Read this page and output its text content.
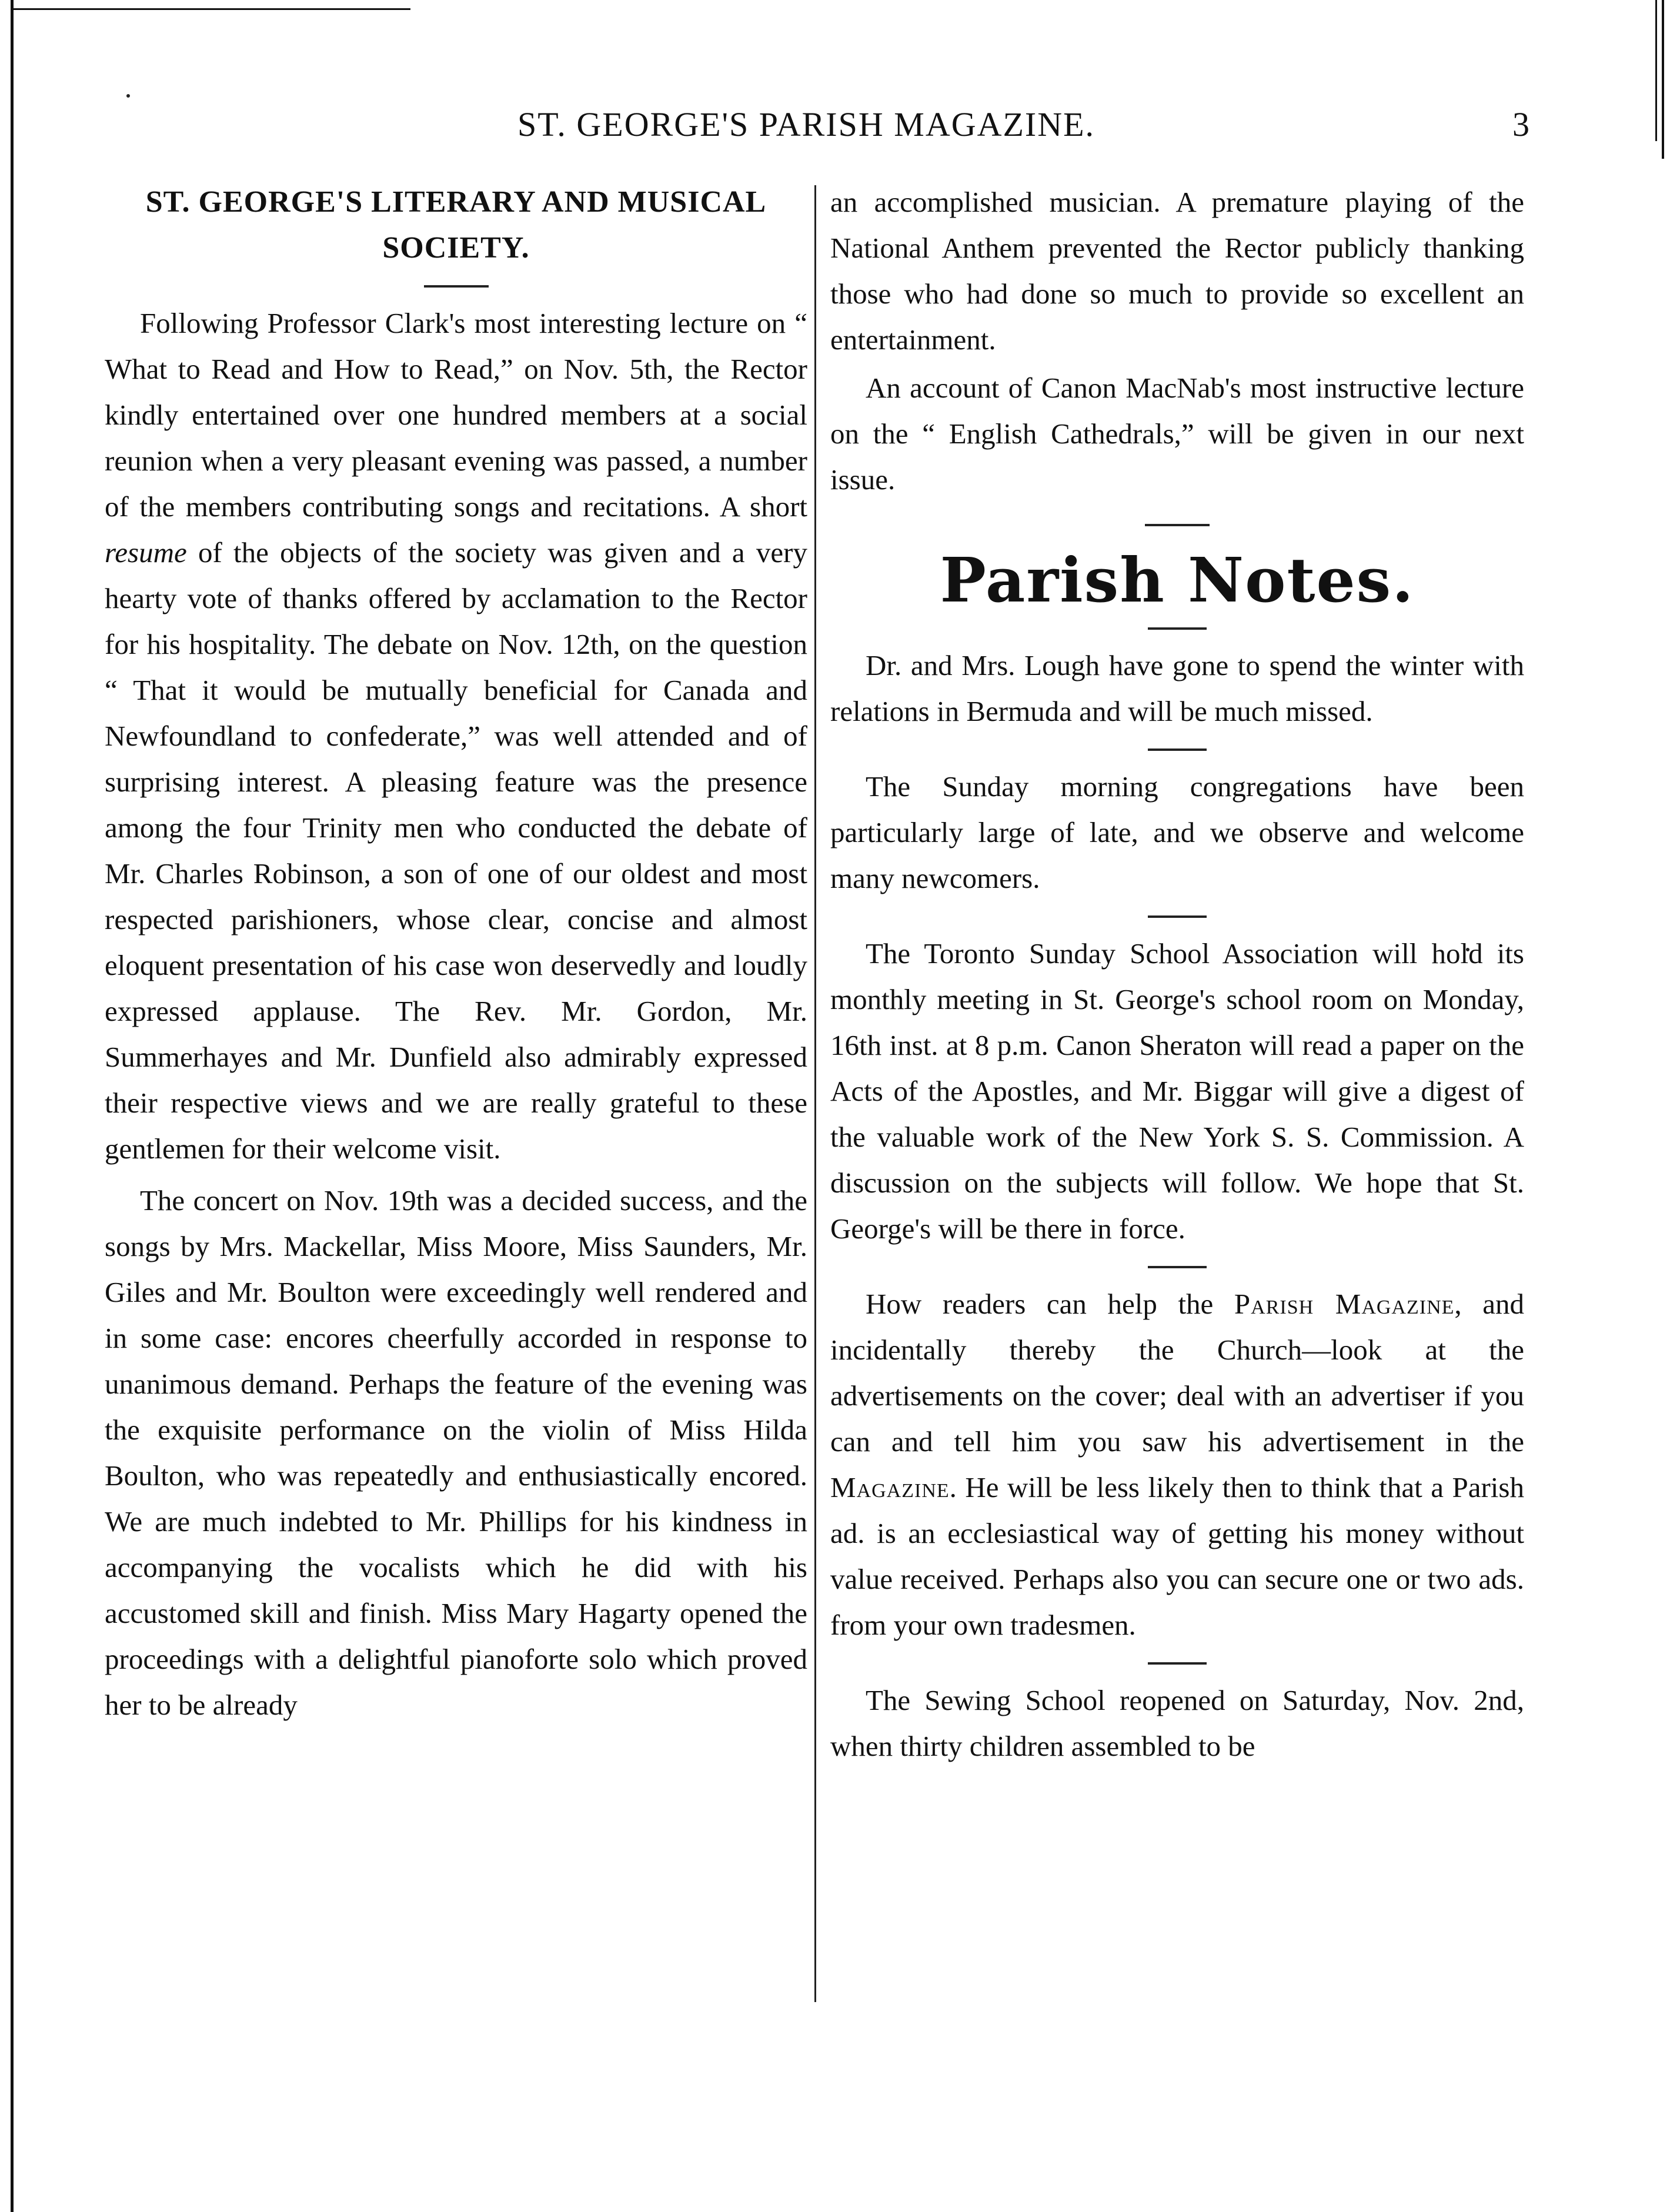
ST. GEORGE'S PARISH MAGAZINE.	3
ST. GEORGE'S LITERARY AND MUSICAL
SOCIETY.

Following Professor Clark's most interesting lecture on “ What to Read and How to Read,” on Nov. 5th, the Rector kindly entertained over one hundred members at a social reunion when a very pleasant evening was passed, a number of the members contributing songs and recitations. A short resume of the objects of the society was given and a very hearty vote of thanks offered by acclamation to the Rector for his hospitality. The debate on Nov. 12th, on the question “ That it would be mutually beneficial for Canada and Newfoundland to confederate,” was well attended and of surprising interest. A pleasing feature was the presence among the four Trinity men who conducted the debate of Mr. Charles Robinson, a son of one of our oldest and most respected parishioners, whose clear, concise and almost eloquent presentation of his case won deservedly and loudly expressed applause. The Rev. Mr. Gordon, Mr. Summerhayes and Mr. Dunfield also admirably expressed their respective views and we are really grateful to these gentlemen for their welcome visit.

The concert on Nov. 19th was a decided success, and the songs by Mrs. Mackellar, Miss Moore, Miss Saunders, Mr. Giles and Mr. Boulton were exceedingly well rendered and in some case: encores cheerfully accorded in response to unanimous demand. Perhaps the feature of the evening was the exquisite performance on the violin of Miss Hilda Boulton, who was repeatedly and enthusiastically encored. We are much indebted to Mr. Phillips for his kindness in accompanying the vocalists which he did with his accustomed skill and finish. Miss Mary Hagarty opened the proceedings with a delightful pianoforte solo which proved her to be already

an accomplished musician. A premature playing of the National Anthem prevented the Rector publicly thanking those who had done so much to provide so excellent an entertainment.

An account of Canon MacNab's most instructive lecture on the “ English Cathedrals,” will be given in our next issue.

Parish Notes.

Dr. and Mrs. Lough have gone to spend the winter with relations in Bermuda and will be much missed.

The Sunday morning congregations have been particularly large of late, and we observe and welcome many newcomers.

The Toronto Sunday School Association will hold its monthly meeting in St. George's school room on Monday, 16th inst. at 8 p.m. Canon Sheraton will read a paper on the Acts of the Apostles, and Mr. Biggar will give a digest of the valuable work of the New York S. S. Commission. A discussion on the subjects will follow. We hope that St. George's will be there in force.

How readers can help the Parish Magazine, and incidentally thereby the Church—look at the advertisements on the cover; deal with an advertiser if you can and tell him you saw his advertisement in the Magazine. He will be less likely then to think that a Parish ad. is an ecclesiastical way of getting his money without value received. Perhaps also you can secure one or two ads. from your own tradesmen.

The Sewing School reopened on Saturday, Nov. 2nd, when thirty children assembled to be
